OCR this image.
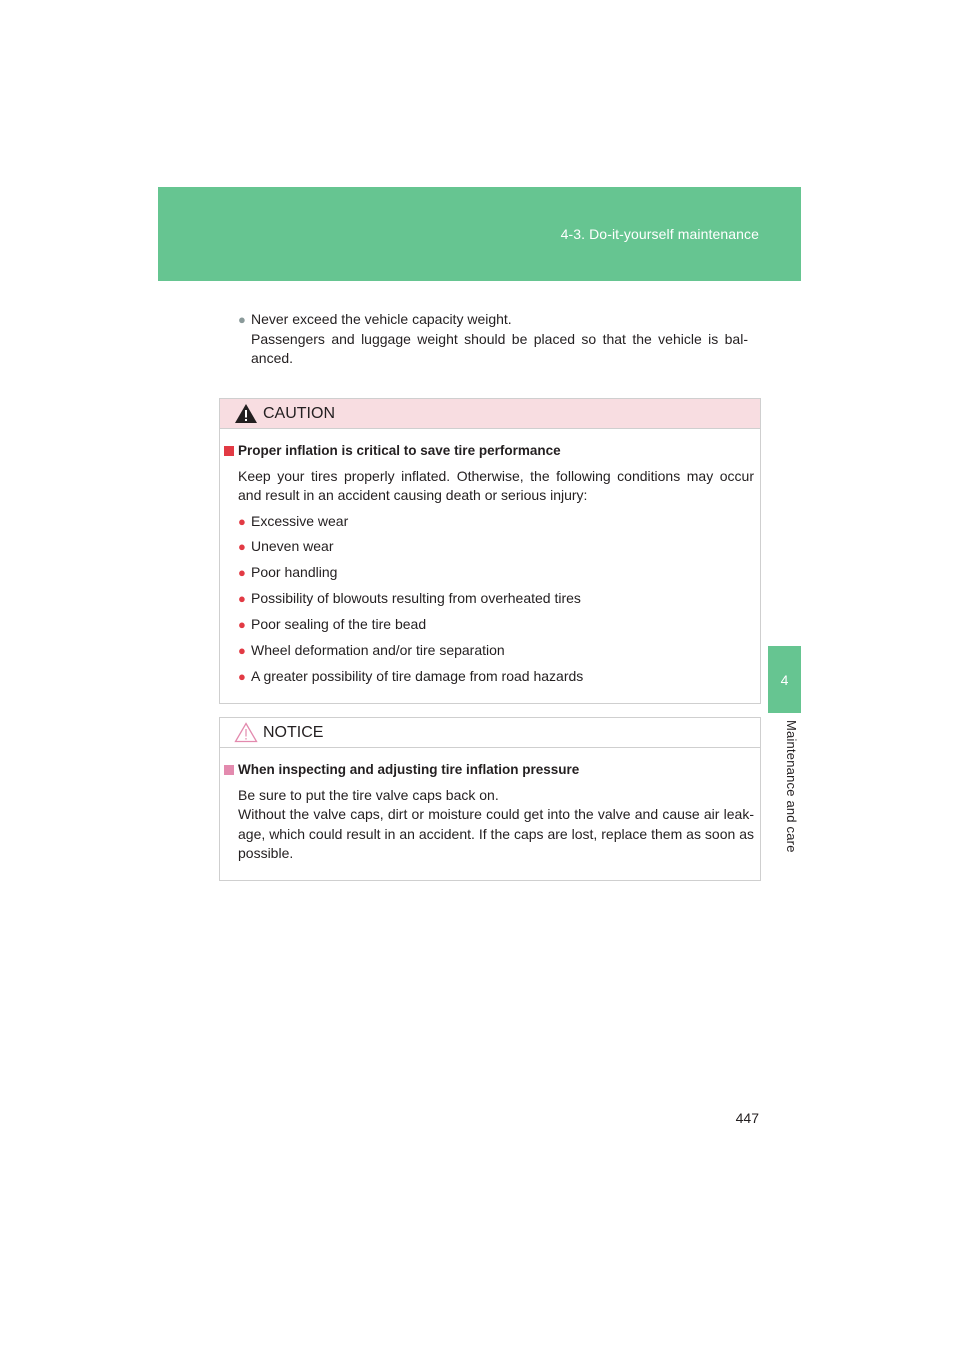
4-3. Do-it-yourself maintenance
4
Maintenance and care
● Never exceed the vehicle capacity weight.
Passengers and luggage weight should be placed so that the vehicle is bal-anced.
CAUTION
Proper inflation is critical to save tire performance
Keep your tires properly inflated. Otherwise, the following conditions may occur and result in an accident causing death or serious injury:
● Excessive wear
● Uneven wear
● Poor handling
● Possibility of blowouts resulting from overheated tires
● Poor sealing of the tire bead
● Wheel deformation and/or tire separation
● A greater possibility of tire damage from road hazards
NOTICE
When inspecting and adjusting tire inflation pressure
Be sure to put the tire valve caps back on.
Without the valve caps, dirt or moisture could get into the valve and cause air leak-age, which could result in an accident. If the caps are lost, replace them as soon as possible.
447
